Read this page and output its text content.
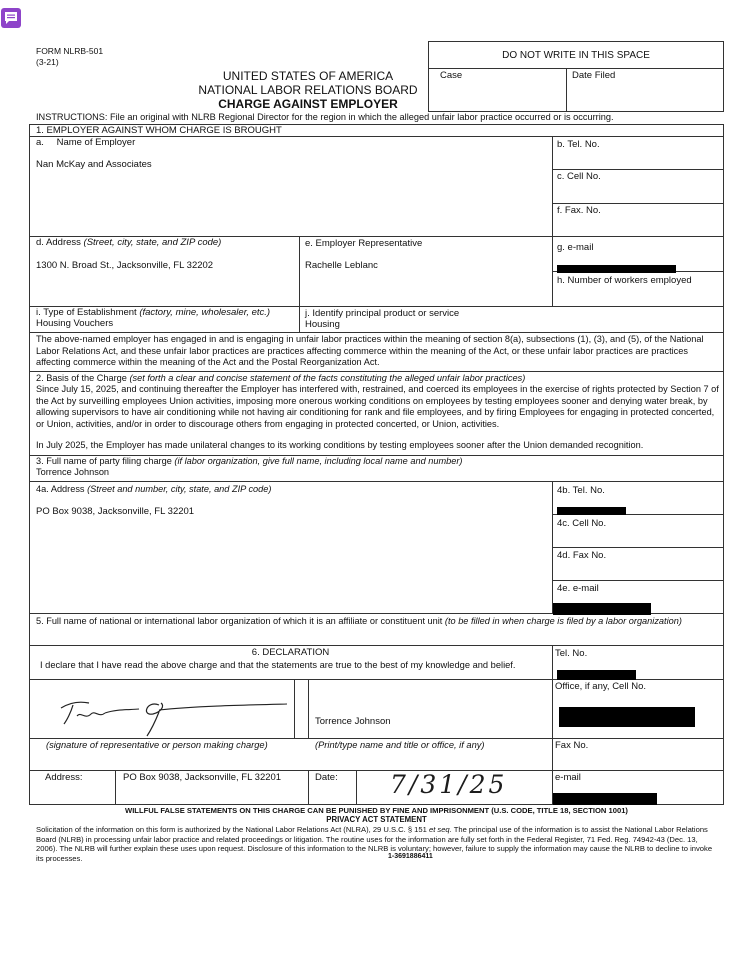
FORM NLRB-501
(3-21)
UNITED STATES OF AMERICA
NATIONAL LABOR RELATIONS BOARD
CHARGE AGAINST EMPLOYER
DO NOT WRITE IN THIS SPACE
Case	Date Filed
INSTRUCTIONS: File an original with NLRB Regional Director for the region in which the alleged unfair labor practice occurred or is occurring.
1. EMPLOYER AGAINST WHOM CHARGE IS BROUGHT
a. Name of Employer
Nan McKay and Associates
b. Tel. No.
c. Cell No.
f. Fax. No.
d. Address (Street, city, state, and ZIP code)
1300 N. Broad St., Jacksonville, FL 32202
e. Employer Representative
Rachelle Leblanc
g. e-mail
h. Number of workers employed
i. Type of Establishment (factory, mine, wholesaler, etc.)
Housing Vouchers
j. Identify principal product or service
Housing
The above-named employer has engaged in and is engaging in unfair labor practices within the meaning of section 8(a), subsections (1), (3), and (5), of the National Labor Relations Act, and these unfair labor practices are practices affecting commerce within the meaning of the Act, or these unfair labor practices are practices affecting commerce within the meaning of the Act and the Postal Reorganization Act.
2. Basis of the Charge (set forth a clear and concise statement of the facts constituting the alleged unfair labor practices)
Since July 15, 2025, and continuing thereafter the Employer has interfered with, restrained, and coerced its employees in the exercise of rights protected by Section 7 of the Act by surveilling employees Union activities, imposing more onerous working conditions on employees by testing employees sooner and denying water break, by allowing supervisors to have air conditioning while not having air conditioning for rank and file employees, and by firing Employees for engaging in protected concerted, or Union, activities, and/or in order to discourage others from engaging in protected concerted, or Union, activities.
In July 2025, the Employer has made unilateral changes to its working conditions by testing employees sooner after the Union demanded recognition.
3. Full name of party filing charge (if labor organization, give full name, including local name and number)
Torrence Johnson
4a. Address (Street and number, city, state, and ZIP code)
PO Box 9038, Jacksonville, FL 32201
4b. Tel. No.
4c. Cell No.
4d. Fax No.
4e. e-mail
5. Full name of national or international labor organization of which it is an affiliate or constituent unit (to be filled in when charge is filed by a labor organization)
6. DECLARATION
I declare that I have read the above charge and that the statements are true to the best of my knowledge and belief.
Tel. No.
Office, if any, Cell No.
Torrence Johnson
(signature of representative or person making charge)	(Print/type name and title or office, if any)	Fax No.
Address:	PO Box 9038, Jacksonville, FL 32201	Date: 7/31/25	e-mail
WILLFUL FALSE STATEMENTS ON THIS CHARGE CAN BE PUNISHED BY FINE AND IMPRISONMENT (U.S. CODE, TITLE 18, SECTION 1001)
PRIVACY ACT STATEMENT
Solicitation of the information on this form is authorized by the National Labor Relations Act (NLRA), 29 U.S.C. § 151 et seq. The principal use of the information is to assist the National Labor Relations Board (NLRB) in processing unfair labor practice and related proceedings or litigation. The routine uses for the information are fully set forth in the Federal Register, 71 Fed. Reg. 74942-43 (Dec. 13, 2006). The NLRB will further explain these uses upon request. Disclosure of this information to the NLRB is voluntary; however, failure to supply the information may cause the NLRB to decline to invoke its processes.	1-3691886411
